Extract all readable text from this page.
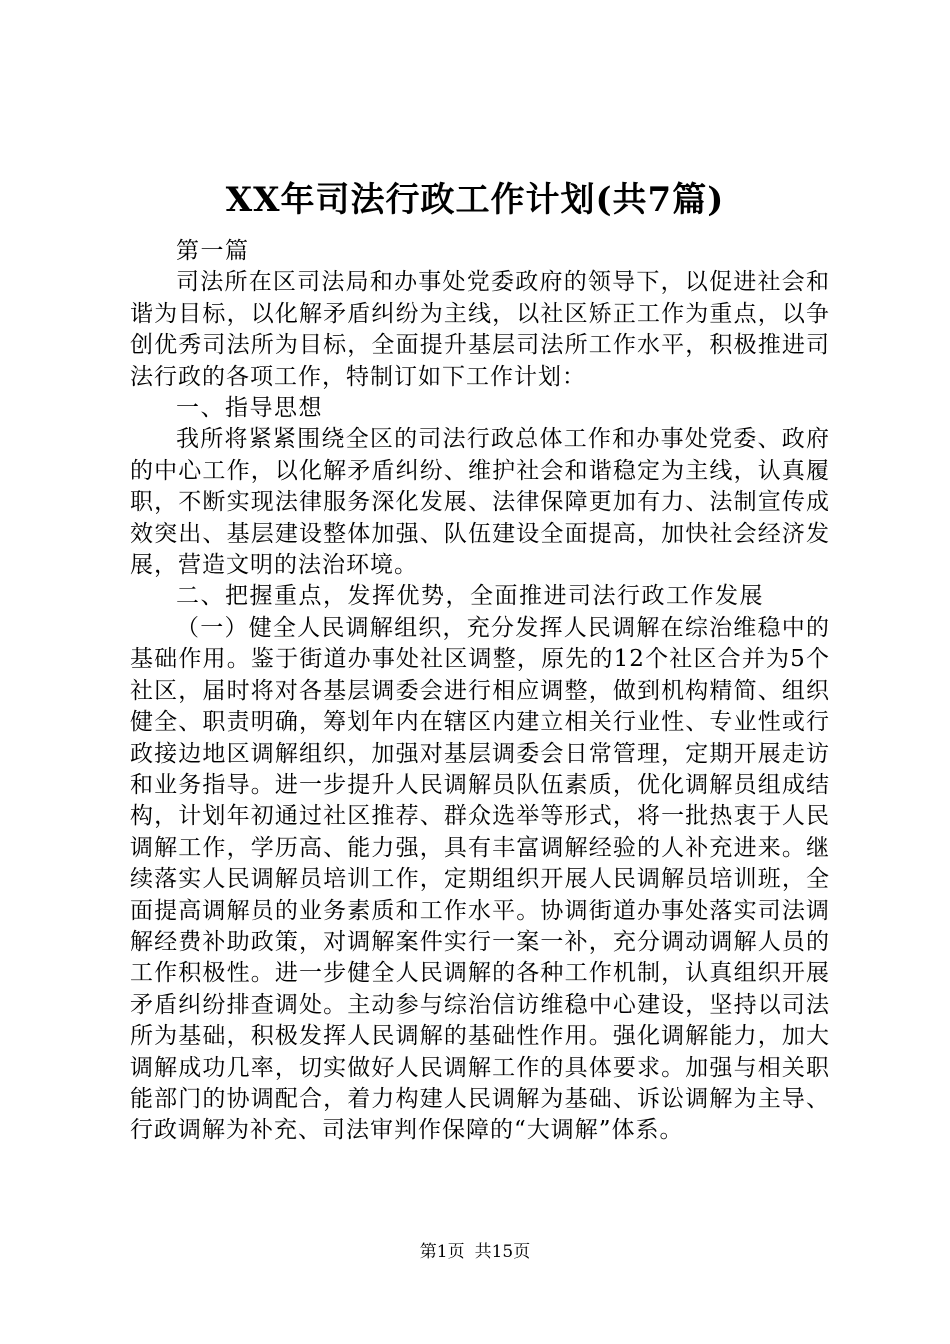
XX年司法行政工作计划(共7篇)

第一篇

司法所在区司法局和办事处党委政府的领导下，以促进社会和谐为目标，以化解矛盾纠纷为主线，以社区矫正工作为重点，以争创优秀司法所为目标，全面提升基层司法所工作水平，积极推进司法行政的各项工作，特制订如下工作计划：

一、指导思想

我所将紧紧围绕全区的司法行政总体工作和办事处党委、政府的中心工作，以化解矛盾纠纷、维护社会和谐稳定为主线，认真履职，不断实现法律服务深化发展、法律保障更加有力、法制宣传成效突出、基层建设整体加强、队伍建设全面提高，加快社会经济发展，营造文明的法治环境。

二、把握重点，发挥优势，全面推进司法行政工作发展

（一）健全人民调解组织，充分发挥人民调解在综治维稳中的基础作用。鉴于街道办事处社区调整，原先的12个社区合并为5个社区，届时将对各基层调委会进行相应调整，做到机构精简、组织健全、职责明确，筹划年内在辖区内建立相关行业性、专业性或行政接边地区调解组织，加强对基层调委会日常管理，定期开展走访和业务指导。进一步提升人民调解员队伍素质，优化调解员组成结构，计划年初通过社区推荐、群众选举等形式，将一批热衷于人民调解工作，学历高、能力强，具有丰富调解经验的人补充进来。继续落实人民调解员培训工作，定期组织开展人民调解员培训班，全面提高调解员的业务素质和工作水平。协调街道办事处落实司法调解经费补助政策，对调解案件实行一案一补，充分调动调解人员的工作积极性。进一步健全人民调解的各种工作机制，认真组织开展矛盾纠纷排查调处。主动参与综治信访维稳中心建设，坚持以司法所为基础，积极发挥人民调解的基础性作用。强化调解能力，加大调解成功几率，切实做好人民调解工作的具体要求。加强与相关职能部门的协调配合，着力构建人民调解为基础、诉讼调解为主导、行政调解为补充、司法审判作保障的“大调解”体系。

第1页 共15页
